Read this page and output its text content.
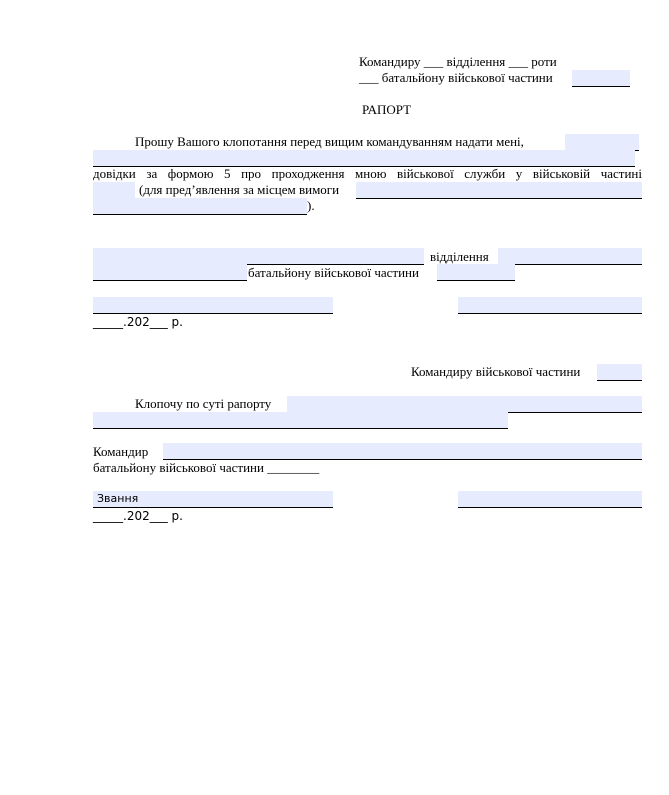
Командиру ___ відділення ___ роти
___ батальйону військової частини
РАПОРТ
Прошу Вашого клопотання перед вищим командуванням надати мені,
довідки за формою 5 про проходження мною військової служби у військовій частині
(для пред’явлення за місцем вимоги
).
відділення
батальйону військової частини
_____.202___ р.
Командиру військової частини
Клопочу по суті рапорту
Командир
батальйону військової частини ________
Звання
_____.202___ р.
